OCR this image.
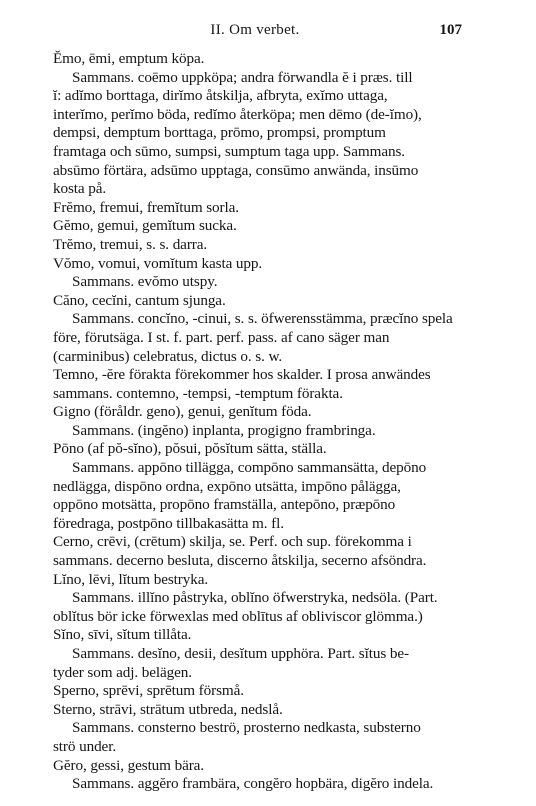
II. Om verbet.	107
Ĕmo, ēmi, emptum köpa.
Sammans. coēmo uppköpa; andra förwandla ĕ i præs. till
ĭ: adĭmo borttaga, dirĭmo åtskilja, afbryta, exĭmo uttaga,
interĭmo, perĭmo böda, redĭmo återköpa; men dēmo (de-ĭmo),
dempsi, demptum borttaga, prōmo, prompsi, promptum
framtaga och sūmo, sumpsi, sumptum taga upp. Sammans.
absūmo förtära, adsūmo upptaga, consūmo anwända, insūmo
kosta på.
Frĕmo, fremui, fremĭtum sorla.
Gĕmo, gemui, gemĭtum sucka.
Trĕmo, tremui, s. s. darra.
Vŏmo, vomui, vomĭtum kasta upp.
Sammans. evŏmo utspy.
Căno, cecĭni, cantum sjunga.
Sammans. concĭno, -cinui, s. s. öfwerensstämma, præcĭno spela
före, förutsäga. I st. f. part. perf. pass. af cano säger man
(carminibus) celebratus, dictus o. s. w.
Temno, -ĕre förakta förekommer hos skalder. I prosa anwändes
sammans. contemno, -tempsi, -temptum förakta.
Gigno (föråldr. geno), genui, genĭtum föda.
Sammans. (ingĕno) inplanta, progigno frambringa.
Pōno (af pŏ-sĭno), pŏsui, pŏsĭtum sätta, ställa.
Sammans. appōno tillägga, compōno sammansätta, depōno
nedlägga, dispōno ordna, expōno utsätta, impōno pålägga,
oppōno motsätta, propōno framställa, antepōno, præpōno
föredraga, postpōno tillbakasätta m. fl.
Cerno, crēvi, (crētum) skilja, se. Perf. och sup. förekomma i
sammans. decerno besluta, discerno åtskilja, secerno afsöndra.
Lĭno, lēvi, lĭtum bestryka.
Sammans. illĭno påstryka, oblĭno öfwerstryka, nedsöla. (Part.
oblĭtus bör icke förwexlas med oblītus af obliviscor glömma.)
Sĭno, sīvi, sĭtum tillåta.
Sammans. desĭno, desii, desĭtum upphöra. Part. sĭtus be-
tyder som adj. belägen.
Sperno, sprēvi, sprētum försmå.
Sterno, strāvi, strātum utbreda, nedslå.
Sammans. consterno beströ, prosterno nedkasta, substerno
strö under.
Gĕro, gessi, gestum bära.
Sammans. aggĕro frambära, congĕro hopbära, digĕro indela.
